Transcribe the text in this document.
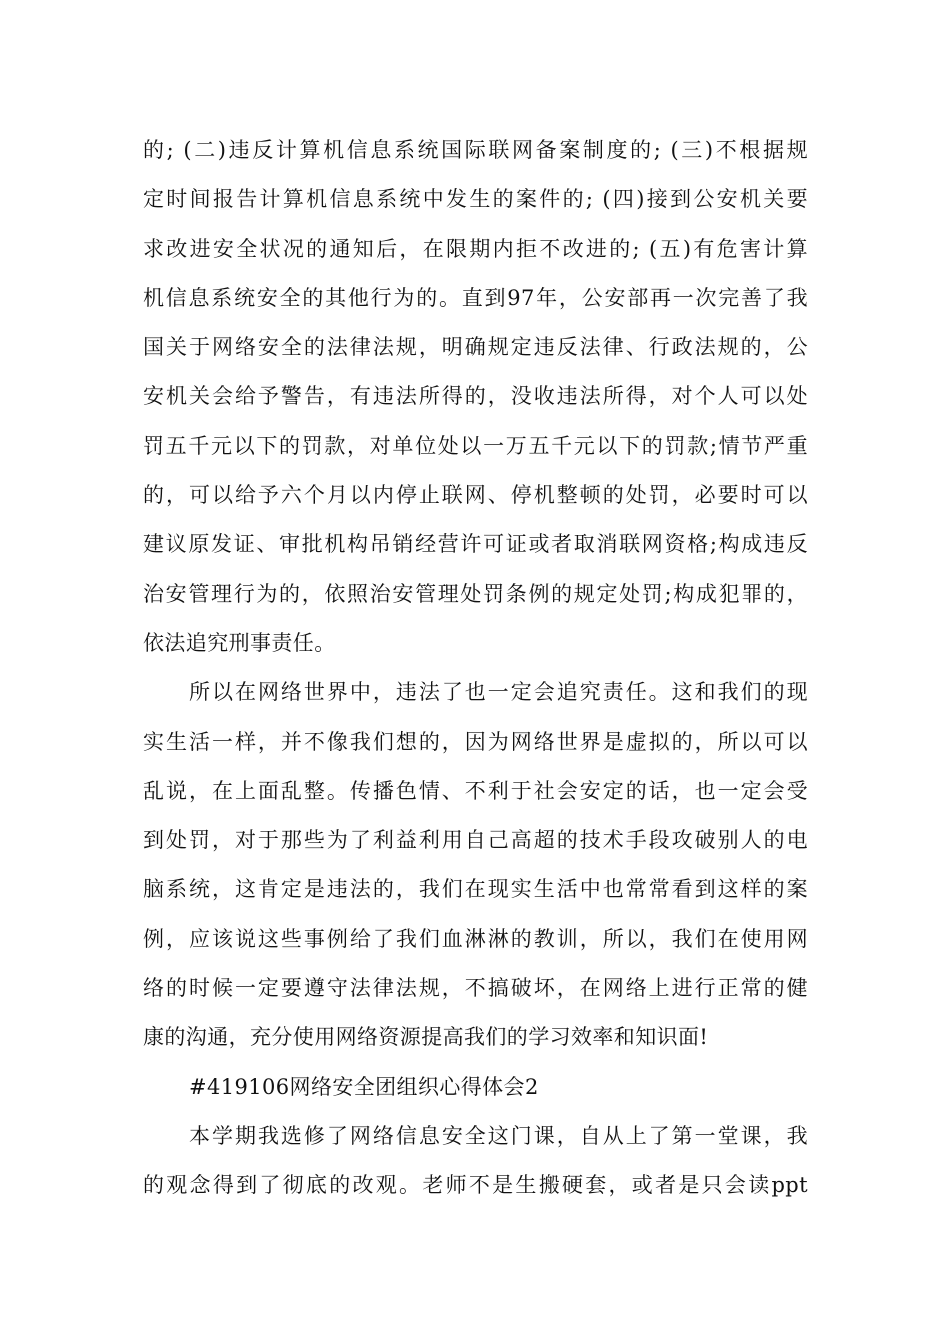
的; (二)违反计算机信息系统国际联网备案制度的; (三)不根据规
定时间报告计算机信息系统中发生的案件的; (四)接到公安机关要
求改进安全状况的通知后，在限期内拒不改进的; (五)有危害计算
机信息系统安全的其他行为的。直到97年，公安部再一次完善了我
国关于网络安全的法律法规，明确规定违反法律、行政法规的，公
安机关会给予警告，有违法所得的，没收违法所得，对个人可以处
罚五千元以下的罚款，对单位处以一万五千元以下的罚款;情节严重
的，可以给予六个月以内停止联网、停机整顿的处罚，必要时可以
建议原发证、审批机构吊销经营许可证或者取消联网资格;构成违反
治安管理行为的，依照治安管理处罚条例的规定处罚;构成犯罪的，
依法追究刑事责任。
所以在网络世界中，违法了也一定会追究责任。这和我们的现
实生活一样，并不像我们想的，因为网络世界是虚拟的，所以可以
乱说，在上面乱整。传播色情、不利于社会安定的话，也一定会受
到处罚，对于那些为了利益利用自己高超的技术手段攻破别人的电
脑系统，这肯定是违法的，我们在现实生活中也常常看到这样的案
例，应该说这些事例给了我们血淋淋的教训，所以，我们在使用网
络的时候一定要遵守法律法规，不搞破坏，在网络上进行正常的健
康的沟通，充分使用网络资源提高我们的学习效率和知识面!
#419106网络安全团组织心得体会2
本学期我选修了网络信息安全这门课，自从上了第一堂课，我
的观念得到了彻底的改观。老师不是生搬硬套，或者是只会读ppt
